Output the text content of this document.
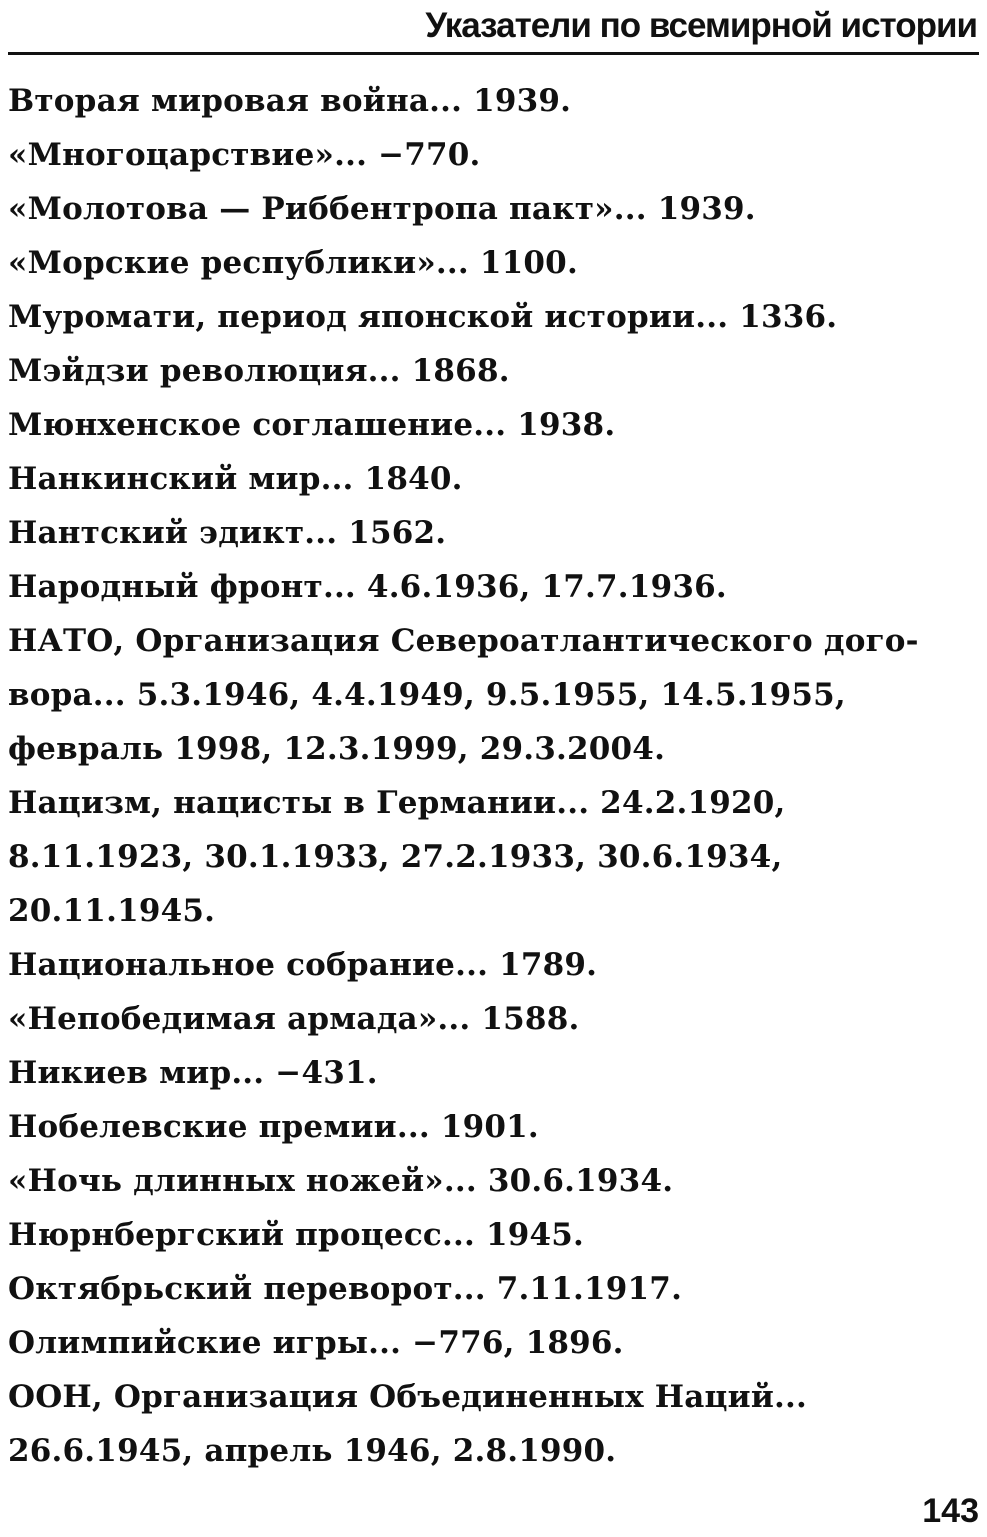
Указатели по всемирной истории
Вторая мировая война... 1939.
«Многоцарствие»... −770.
«Молотова — Риббентропа пакт»... 1939.
«Морские республики»... 1100.
Муромати, период японской истории... 1336.
Мэйдзи революция... 1868.
Мюнхенское соглашение... 1938.
Нанкинский мир... 1840.
Нантский эдикт... 1562.
Народный фронт... 4.6.1936, 17.7.1936.
НАТО, Организация Североатлантического дого-
вора... 5.3.1946, 4.4.1949, 9.5.1955, 14.5.1955,
февраль 1998, 12.3.1999, 29.3.2004.
Нацизм, нацисты в Германии... 24.2.1920,
8.11.1923, 30.1.1933, 27.2.1933, 30.6.1934,
20.11.1945.
Национальное собрание... 1789.
«Непобедимая армада»... 1588.
Никиев мир... −431.
Нобелевские премии... 1901.
«Ночь длинных ножей»... 30.6.1934.
Нюрнбергский процесс... 1945.
Октябрьский переворот... 7.11.1917.
Олимпийские игры... −776, 1896.
ООН, Организация Объединенных Наций...
26.6.1945, апрель 1946, 2.8.1990.
143
